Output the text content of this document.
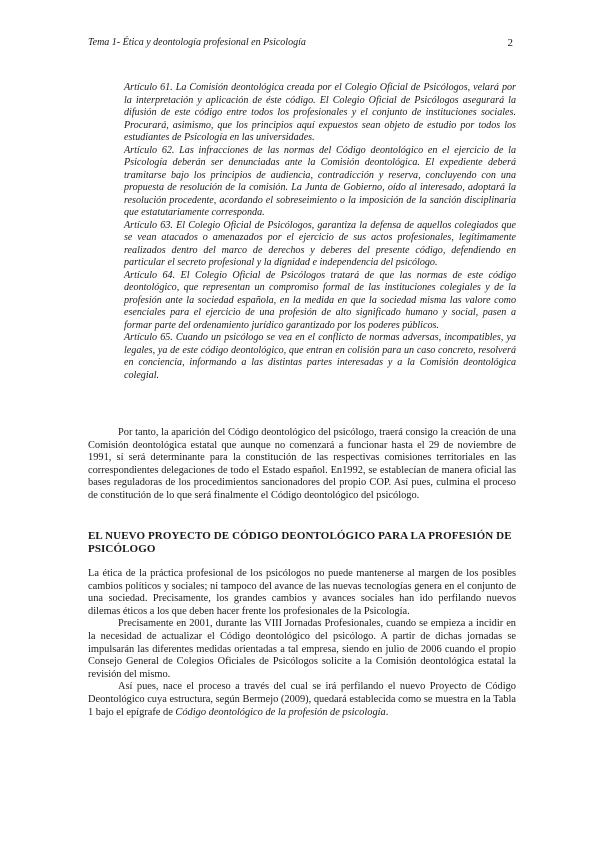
Tema 1- Ética y deontología profesional en Psicología	2

Artículo 61. La Comisión deontológica creada por el Colegio Oficial de Psicólogos, velará por la interpretación y aplicación de éste código. El Colegio Oficial de Psicólogos asegurará la difusión de este código entre todos los profesionales y el conjunto de instituciones sociales. Procurará, asimismo, que los principios aquí expuestos sean objeto de estudio por todos los estudiantes de Psicología en las universidades.

Artículo 62. Las infracciones de las normas del Código deontológico en el ejercicio de la Psicología deberán ser denunciadas ante la Comisión deontológica. El expediente deberá tramitarse bajo los principios de audiencia, contradicción y reserva, concluyendo con una propuesta de resolución de la comisión. La Junta de Gobierno, oído al interesado, adoptará la resolución procedente, acordando el sobreseimiento o la imposición de la sanción disciplinaria que estatutariamente corresponda.

Artículo 63. El Colegio Oficial de Psicólogos, garantiza la defensa de aquellos colegiados que se vean atacados o amenazados por el ejercicio de sus actos profesionales, legítimamente realizados dentro del marco de derechos y deberes del presente código, defendiendo en particular el secreto profesional y la dignidad e independencia del psicólogo.

Artículo 64. El Colegio Oficial de Psicólogos tratará de que las normas de este código deontológico, que representan un compromiso formal de las instituciones colegiales y de la profesión ante la sociedad española, en la medida en que la sociedad misma las valore como esenciales para el ejercicio de una profesión de alto significado humano y social, pasen a formar parte del ordenamiento jurídico garantizado por los poderes públicos.

Artículo 65. Cuando un psicólogo se vea en el conflicto de normas adversas, incompatibles, ya legales, ya de este código deontológico, que entran en colisión para un caso concreto, resolverá en conciencia, informando a las distintas partes interesadas y a la Comisión deontológica colegial.

Por tanto, la aparición del Código deontológico del psicólogo, traerá consigo la creación de una Comisión deontológica estatal que aunque no comenzará a funcionar hasta el 29 de noviembre de 1991, sí será determinante para la constitución de las respectivas comisiones territoriales en las correspondientes delegaciones de todo el Estado español. En1992, se establecían de manera oficial las bases reguladoras de los procedimientos sancionadores del propio COP. Así pues, culmina el proceso de constitución de lo que será finalmente el Código deontológico del psicólogo.

EL NUEVO PROYECTO DE CÓDIGO DEONTOLÓGICO PARA LA PROFESIÓN DE PSICÓLOGO

La ética de la práctica profesional de los psicólogos no puede mantenerse al margen de los posibles cambios políticos y sociales; ni tampoco del avance de las nuevas tecnologías genera en el conjunto de una sociedad. Precisamente, los grandes cambios y avances sociales han ido perfilando nuevos dilemas éticos a los que deben hacer frente los profesionales de la Psicología.

Precisamente en 2001, durante las VIII Jornadas Profesionales, cuando se empieza a incidir en la necesidad de actualizar el Código deontológico del psicólogo. A partir de dichas jornadas se impulsarán las diferentes medidas orientadas a tal empresa, siendo en julio de 2006 cuando el propio Consejo General de Colegios Oficiales de Psicólogos solicite a la Comisión deontológica estatal la revisión del mismo.

Así pues, nace el proceso a través del cual se irá perfilando el nuevo Proyecto de Código Deontológico cuya estructura, según Bermejo (2009), quedará establecida como se muestra en la Tabla 1 bajo el epígrafe de Código deontológico de la profesión de psicología.
